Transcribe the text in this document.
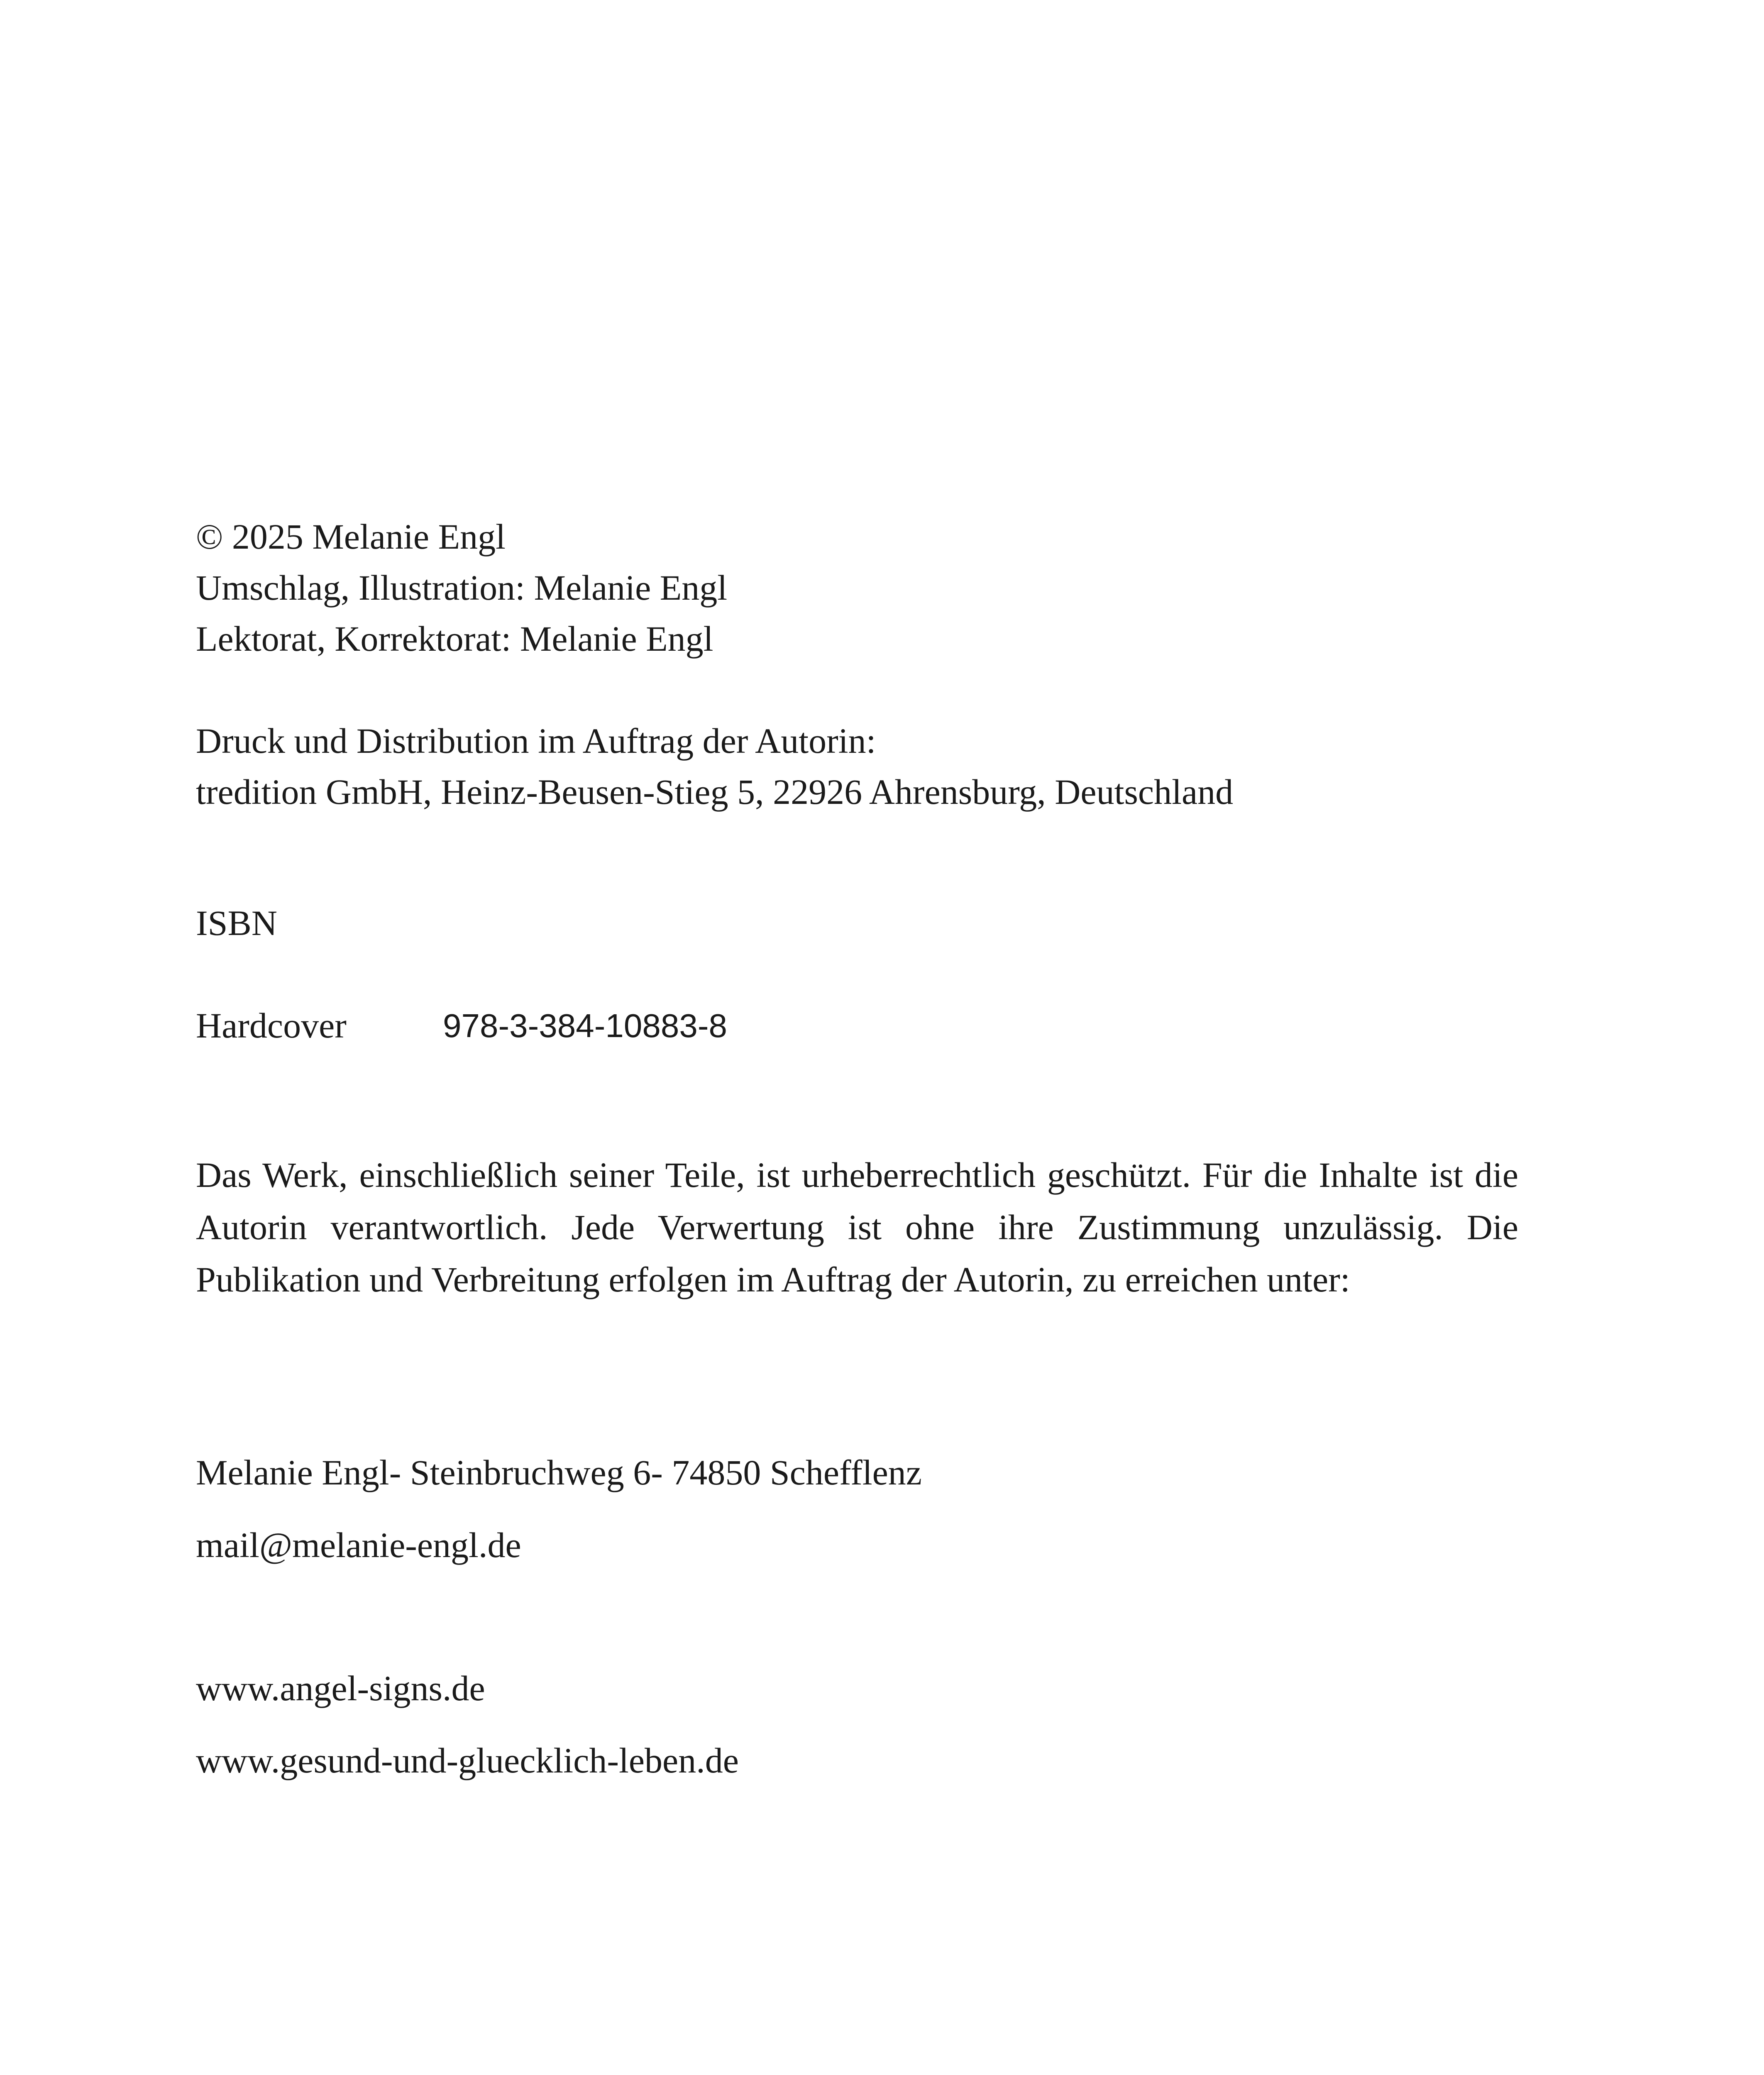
© 2025 Melanie Engl
Umschlag, Illustration: Melanie Engl
Lektorat, Korrektorat: Melanie Engl
Druck und Distribution im Auftrag der Autorin:
tredition GmbH, Heinz-Beusen-Stieg 5, 22926 Ahrensburg, Deutschland
ISBN
Hardcover	978-3-384-10883-8

Das Werk, einschließlich seiner Teile, ist urheberrechtlich geschützt. Für die Inhalte ist die Autorin verantwortlich. Jede Verwertung ist ohne ihre Zustimmung unzulässig. Die Publikation und Verbreitung erfolgen im Auftrag der Autorin, zu erreichen unter:

Melanie Engl- Steinbruchweg 6- 74850 Schefflenz
mail@melanie-engl.de
www.angel-signs.de
www.gesund-und-gluecklich-leben.de
